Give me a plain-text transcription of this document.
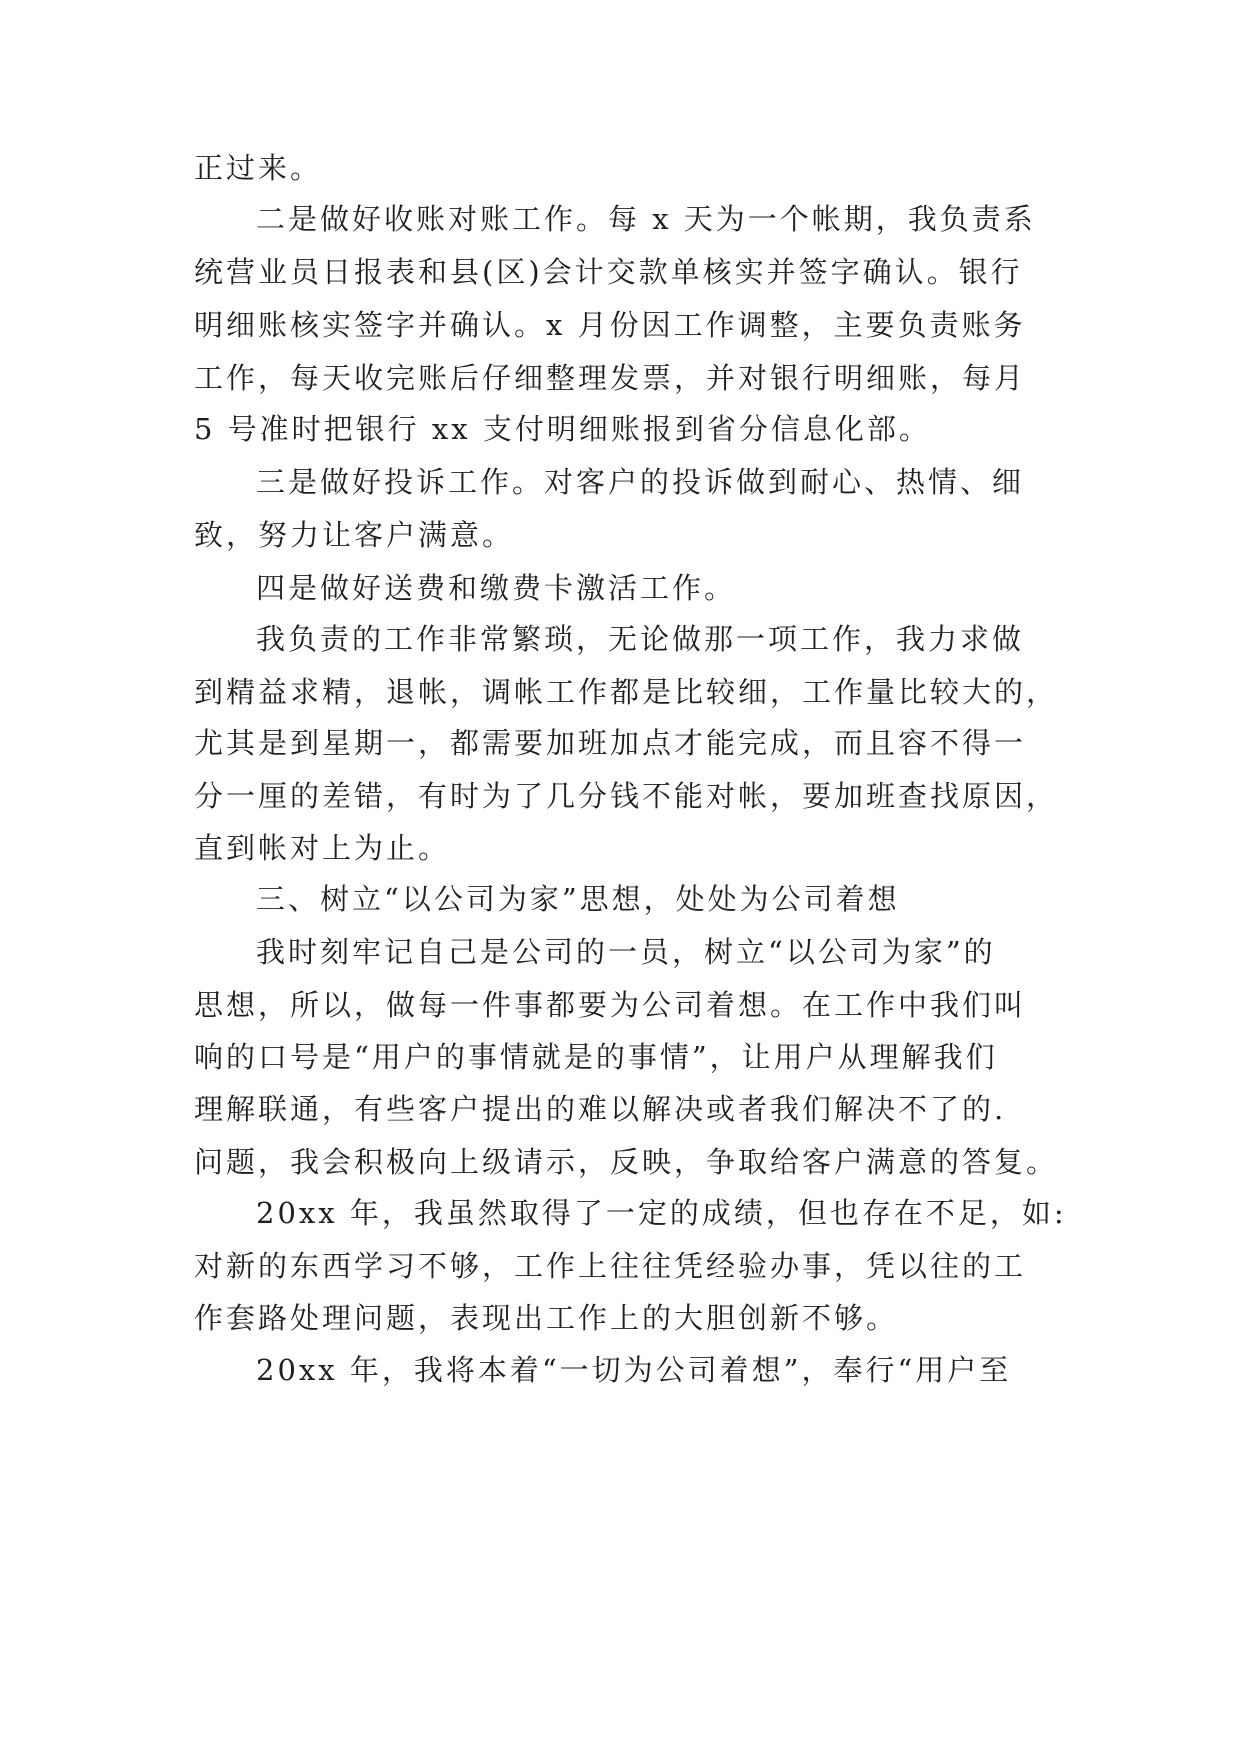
正过来。
二是做好收账对账工作。每 x 天为一个帐期，我负责系
统营业员日报表和县(区)会计交款单核实并签字确认。银行
明细账核实签字并确认。x 月份因工作调整，主要负责账务
工作，每天收完账后仔细整理发票，并对银行明细账，每月
5 号准时把银行 xx 支付明细账报到省分信息化部。
三是做好投诉工作。对客户的投诉做到耐心、热情、细
致，努力让客户满意。
四是做好送费和缴费卡激活工作。
我负责的工作非常繁琐，无论做那一项工作，我力求做
到精益求精，退帐，调帐工作都是比较细，工作量比较大的，
尤其是到星期一，都需要加班加点才能完成，而且容不得一
分一厘的差错，有时为了几分钱不能对帐，要加班查找原因，
直到帐对上为止。
三、树立“以公司为家”思想，处处为公司着想
我时刻牢记自己是公司的一员，树立“以公司为家”的
思想，所以，做每一件事都要为公司着想。在工作中我们叫
响的口号是“用户的事情就是的事情”，让用户从理解我们
理解联通，有些客户提出的难以解决或者我们解决不了的.
问题，我会积极向上级请示，反映，争取给客户满意的答复。
20xx 年，我虽然取得了一定的成绩，但也存在不足，如:
对新的东西学习不够，工作上往往凭经验办事，凭以往的工
作套路处理问题，表现出工作上的大胆创新不够。
20xx 年，我将本着“一切为公司着想”，奉行“用户至
